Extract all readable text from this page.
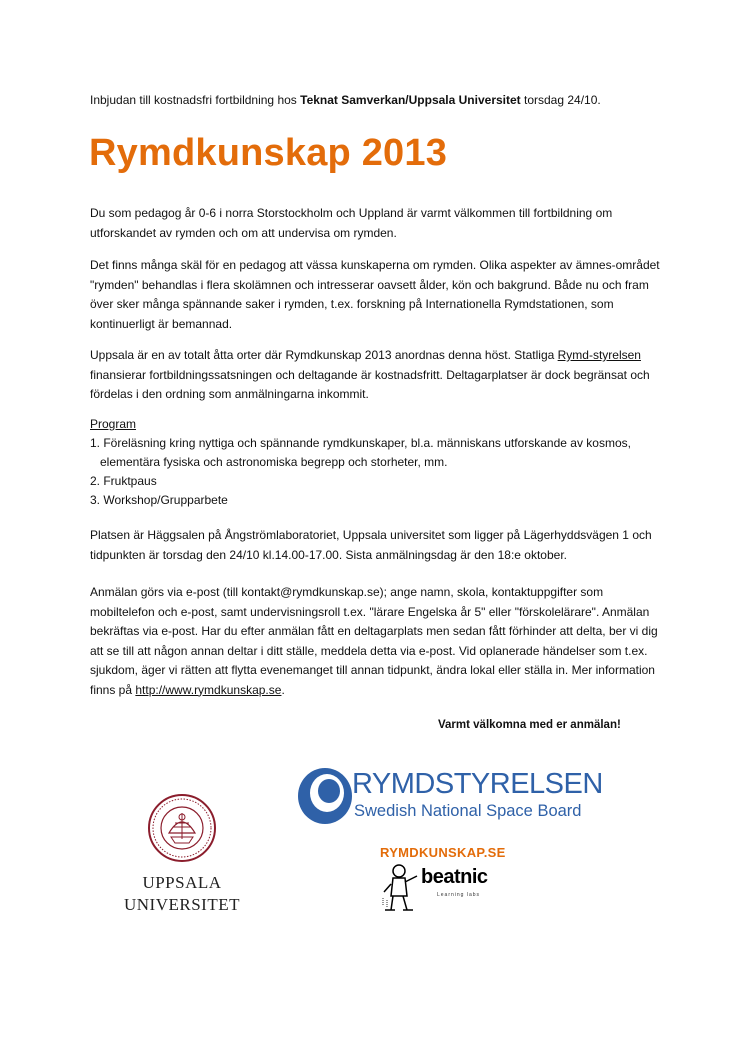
Inbjudan till kostnadsfri fortbildning hos Teknat Samverkan/Uppsala Universitet torsdag 24/10.

Rymdkunskap 2013

Du som pedagog år 0-6 i norra Storstockholm och Uppland är varmt välkommen till fortbildning om utforskandet av rymden och om att undervisa om rymden.

Det finns många skäl för en pedagog att vässa kunskaperna om rymden. Olika aspekter av ämnes-området "rymden" behandlas i flera skolämnen och intresserar oavsett ålder, kön och bakgrund. Både nu och fram över sker många spännande saker i rymden, t.ex. forskning på Internationella Rymdstationen, som kontinuerligt är bemannad.

Uppsala är en av totalt åtta orter där Rymdkunskap 2013 anordnas denna höst. Statliga Rymd-styrelsen finansierar fortbildningssatsningen och deltagande är kostnadsfritt. Deltagarplatser är dock begränsat och fördelas i den ordning som anmälningarna inkommit.

Program
1. Föreläsning kring nyttiga och spännande rymdkunskaper, bl.a. människans utforskande av kosmos,
elementära fysiska och astronomiska begrepp och storheter, mm.
2. Fruktpaus
3. Workshop/Grupparbete

Platsen är Häggsalen på Ångströmlaboratoriet, Uppsala universitet som ligger på Lägerhyddsvägen 1 och tidpunkten är torsdag den 24/10 kl.14.00-17.00. Sista anmälningsdag är den 18:e oktober.

Anmälan görs via e-post (till kontakt@rymdkunskap.se); ange namn, skola, kontaktuppgifter som mobiltelefon och e-post, samt undervisningsroll t.ex. "lärare Engelska år 5" eller "förskolelärare". Anmälan bekräftas via e-post. Har du efter anmälan fått en deltagarplats men sedan fått förhinder att delta, ber vi dig att se till att någon annan deltar i ditt ställe, meddela detta via e-post. Vid oplanerade händelser som t.ex. sjukdom, äger vi rätten att flytta evenemanget till annan tidpunkt, ändra lokal eller ställa in. Mer information finns på http://www.rymdkunskap.se.

Varmt välkomna med er anmälan!
UPPSALA
UNIVERSITET
RYMDSTYRELSEN
Swedish National Space Board
RYMDKUNSKAP.SE
beatnic
Learning labs
